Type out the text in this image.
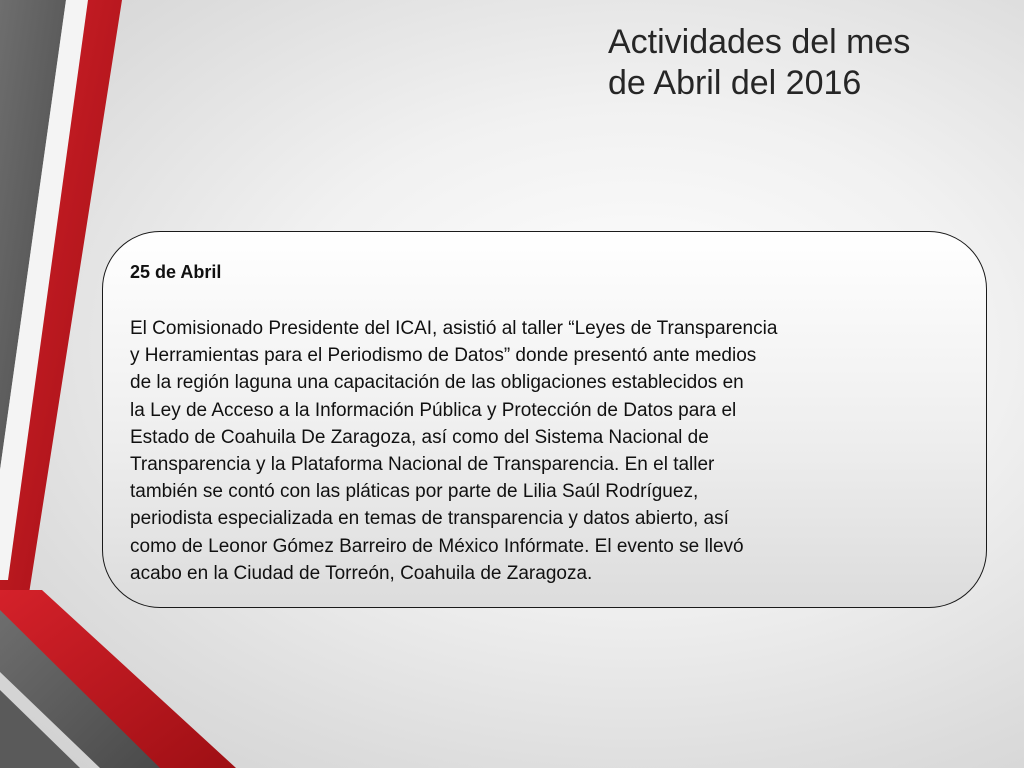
Actividades del mes
de Abril del 2016
25 de Abril
El Comisionado Presidente del ICAI, asistió al taller “Leyes de Transparencia
y Herramientas para el Periodismo de Datos” donde presentó ante medios
de la región laguna una capacitación de las obligaciones establecidos en
la Ley de Acceso a la Información Pública y Protección de Datos para el
Estado de Coahuila De Zaragoza, así como del Sistema Nacional de
Transparencia y la Plataforma Nacional de Transparencia. En el taller
también se contó con las pláticas por parte de Lilia Saúl Rodríguez,
periodista especializada en temas de transparencia y datos abierto, así
como de Leonor Gómez Barreiro de México Infórmate. El evento se llevó
acabo en la Ciudad de Torreón, Coahuila de Zaragoza.
